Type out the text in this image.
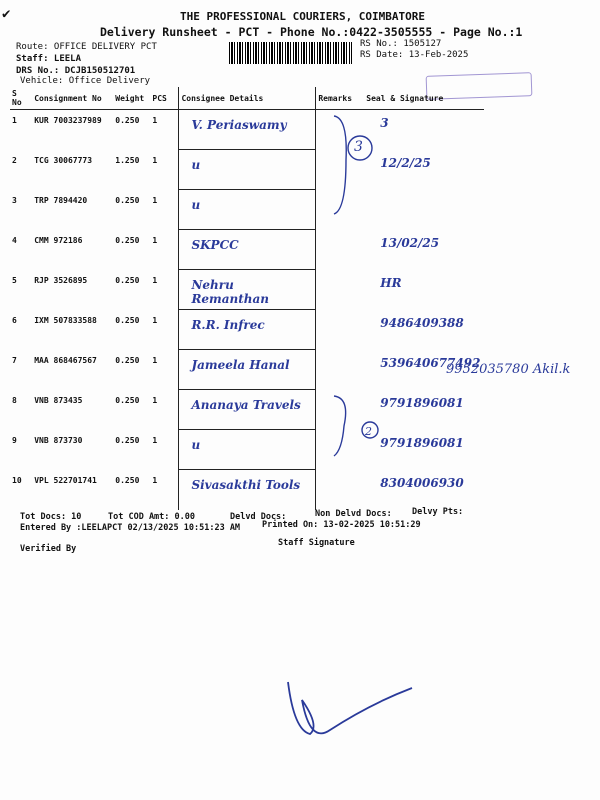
✔	THE PROFESSIONAL COURIERS, COIMBATORE
Delivery Runsheet - PCT - Phone No.:0422-3505555 - Page No.:1
Route: OFFICE DELIVERY PCT
Staff: LEELA
DRS No.: DCJB150512701
Vehicle: Office Delivery
RS No.: 1505127
RS Date: 13-Feb-2025
S No	Consignment No	Weight	PCS	Consignee Details	Remarks	Seal & Signature
1	KUR 7003237989	0.250	1	V. Periaswamy		3
2	TCG 30067773	1.250	1	u		12/2/25
3	TRP 7894420	0.250	1	u		

4	CMM 972186	0.250	1	SKPCC		13/02/25
5	RJP 3526895	0.250	1	Nehru Remanthan		HR
6	IXM 507833588	0.250	1	R.R. Infrec		9486409388
7	MAA 868467567	0.250	1	Jameela Hanal		539640677492
8	VNB 873435	0.250	1	Ananaya Travels		9791896081
9	VNB 873730	0.250	1	u		9791896081
10	VPL 522701741	0.250	1	Sivasakthi Tools		8304006930
3
2
9952035780 Akil.k
Tot Docs: 10	Tot COD Amt: 0.00	Delvd Docs:	Non Delvd Docs: Delvy Pts:
Entered By :LEELAPCT 02/13/2025 10:51:23 AM	Printed On: 13-02-2025 10:51:29
Verified By
Staff Signature
